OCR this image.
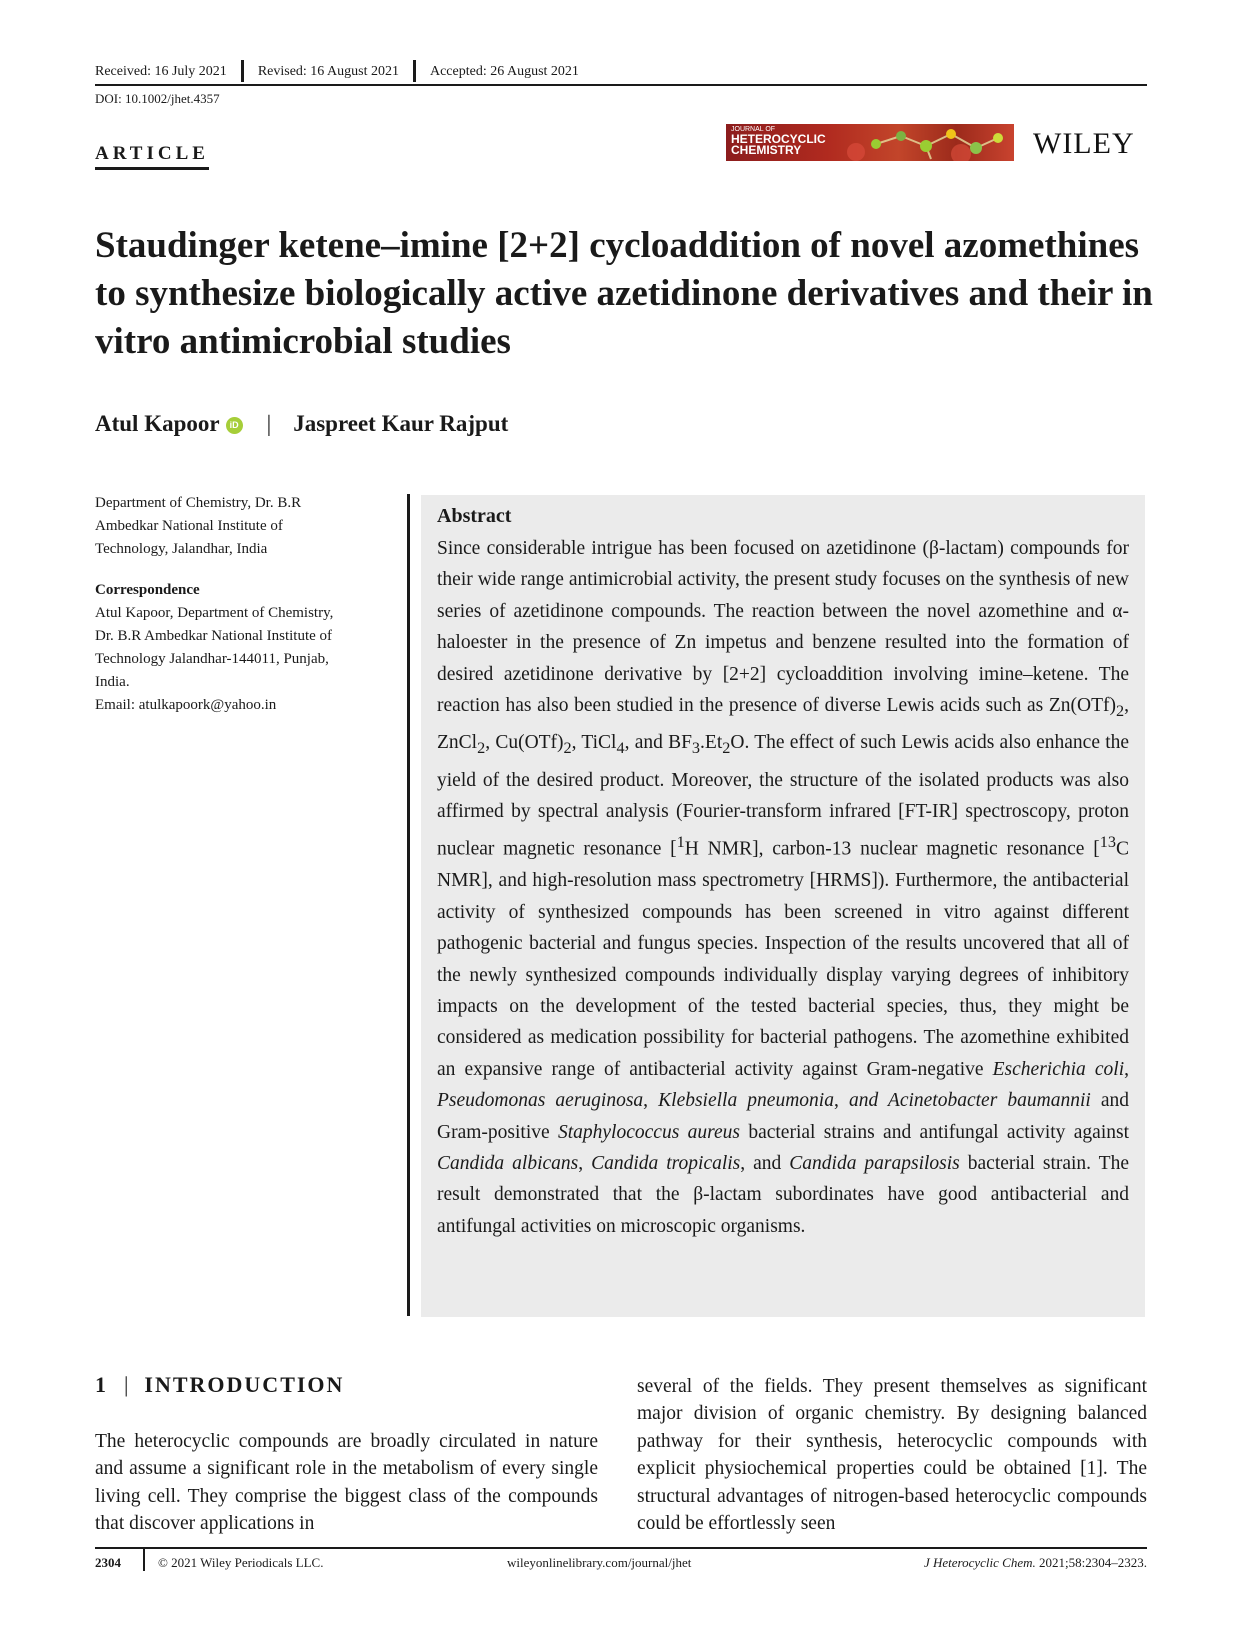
Received: 16 July 2021 Revised: 16 August 2021 Accepted: 26 August 2021
DOI: 10.1002/jhet.4357
ARTICLE
JOURNAL OF
HETEROCYCLIC
CHEMISTRY	WILEY
Staudinger ketene–imine [2+2] cycloaddition of novel azomethines to synthesize biologically active azetidinone derivatives and their in vitro antimicrobial studies
Atul Kapoor iD | Jaspreet Kaur Rajput

Department of Chemistry, Dr. B.R

Ambedkar National Institute of

Technology, Jalandhar, India

Correspondence

Atul Kapoor, Department of Chemistry,

Dr. B.R Ambedkar National Institute of

Technology Jalandhar-144011, Punjab,

India.

Email: atulkapoork@yahoo.in

Abstract

Since considerable intrigue has been focused on azetidinone (β-lactam) compounds for their wide range antimicrobial activity, the present study focuses on the synthesis of new series of azetidinone compounds. The reaction between the novel azomethine and α-haloester in the presence of Zn impetus and benzene resulted into the formation of desired azetidinone derivative by [2+2] cycloaddition involving imine–ketene. The reaction has also been studied in the presence of diverse Lewis acids such as $Zn(OTf)_2$, ZnCl$_2$, $Cu(OTf)_2$, TiCl$_4$, and $BF_3.Et_2O$. The effect of such Lewis acids also enhance the yield of the desired product. Moreover, the structure of the isolated products was also affirmed by spectral analysis (Fourier-transform infrared [FT-IR] spectroscopy, proton nuclear magnetic resonance [$^1$H NMR], carbon-13 nuclear magnetic resonance [$^{13}$C NMR], and high-resolution mass spectrometry [HRMS]). Furthermore, the antibacterial activity of synthesized compounds has been screened in vitro against different pathogenic bacterial and fungus species. Inspection of the results uncovered that all of the newly synthesized compounds individually display varying degrees of inhibitory impacts on the development of the tested bacterial species, thus, they might be considered as medication possibility for bacterial pathogens. The azomethine exhibited an expansive range of antibacterial activity against Gram-negative Escherichia coli, Pseudomonas aeruginosa, Klebsiella pneumonia, and Acinetobacter baumannii and Gram-positive Staphylococcus aureus bacterial strains and antifungal activity against Candida albicans, Candida tropicalis, and Candida parapsilosis bacterial strain. The result demonstrated that the β-lactam subordinates have good antibacterial and antifungal activities on microscopic organisms.

1 | INTRODUCTION

The heterocyclic compounds are broadly circulated in nature and assume a significant role in the metabolism of every single living cell. They comprise the biggest class of the compounds that discover applications in

several of the fields. They present themselves as significant major division of organic chemistry. By designing balanced pathway for their synthesis, heterocyclic compounds with explicit physiochemical properties could be obtained [1]. The structural advantages of nitrogen-based heterocyclic compounds could be effortlessly seen

2304	© 2021 Wiley Periodicals LLC.	wileyonlinelibrary.com/journal/jhet	J Heterocyclic Chem. 2021;58:2304–2323.
